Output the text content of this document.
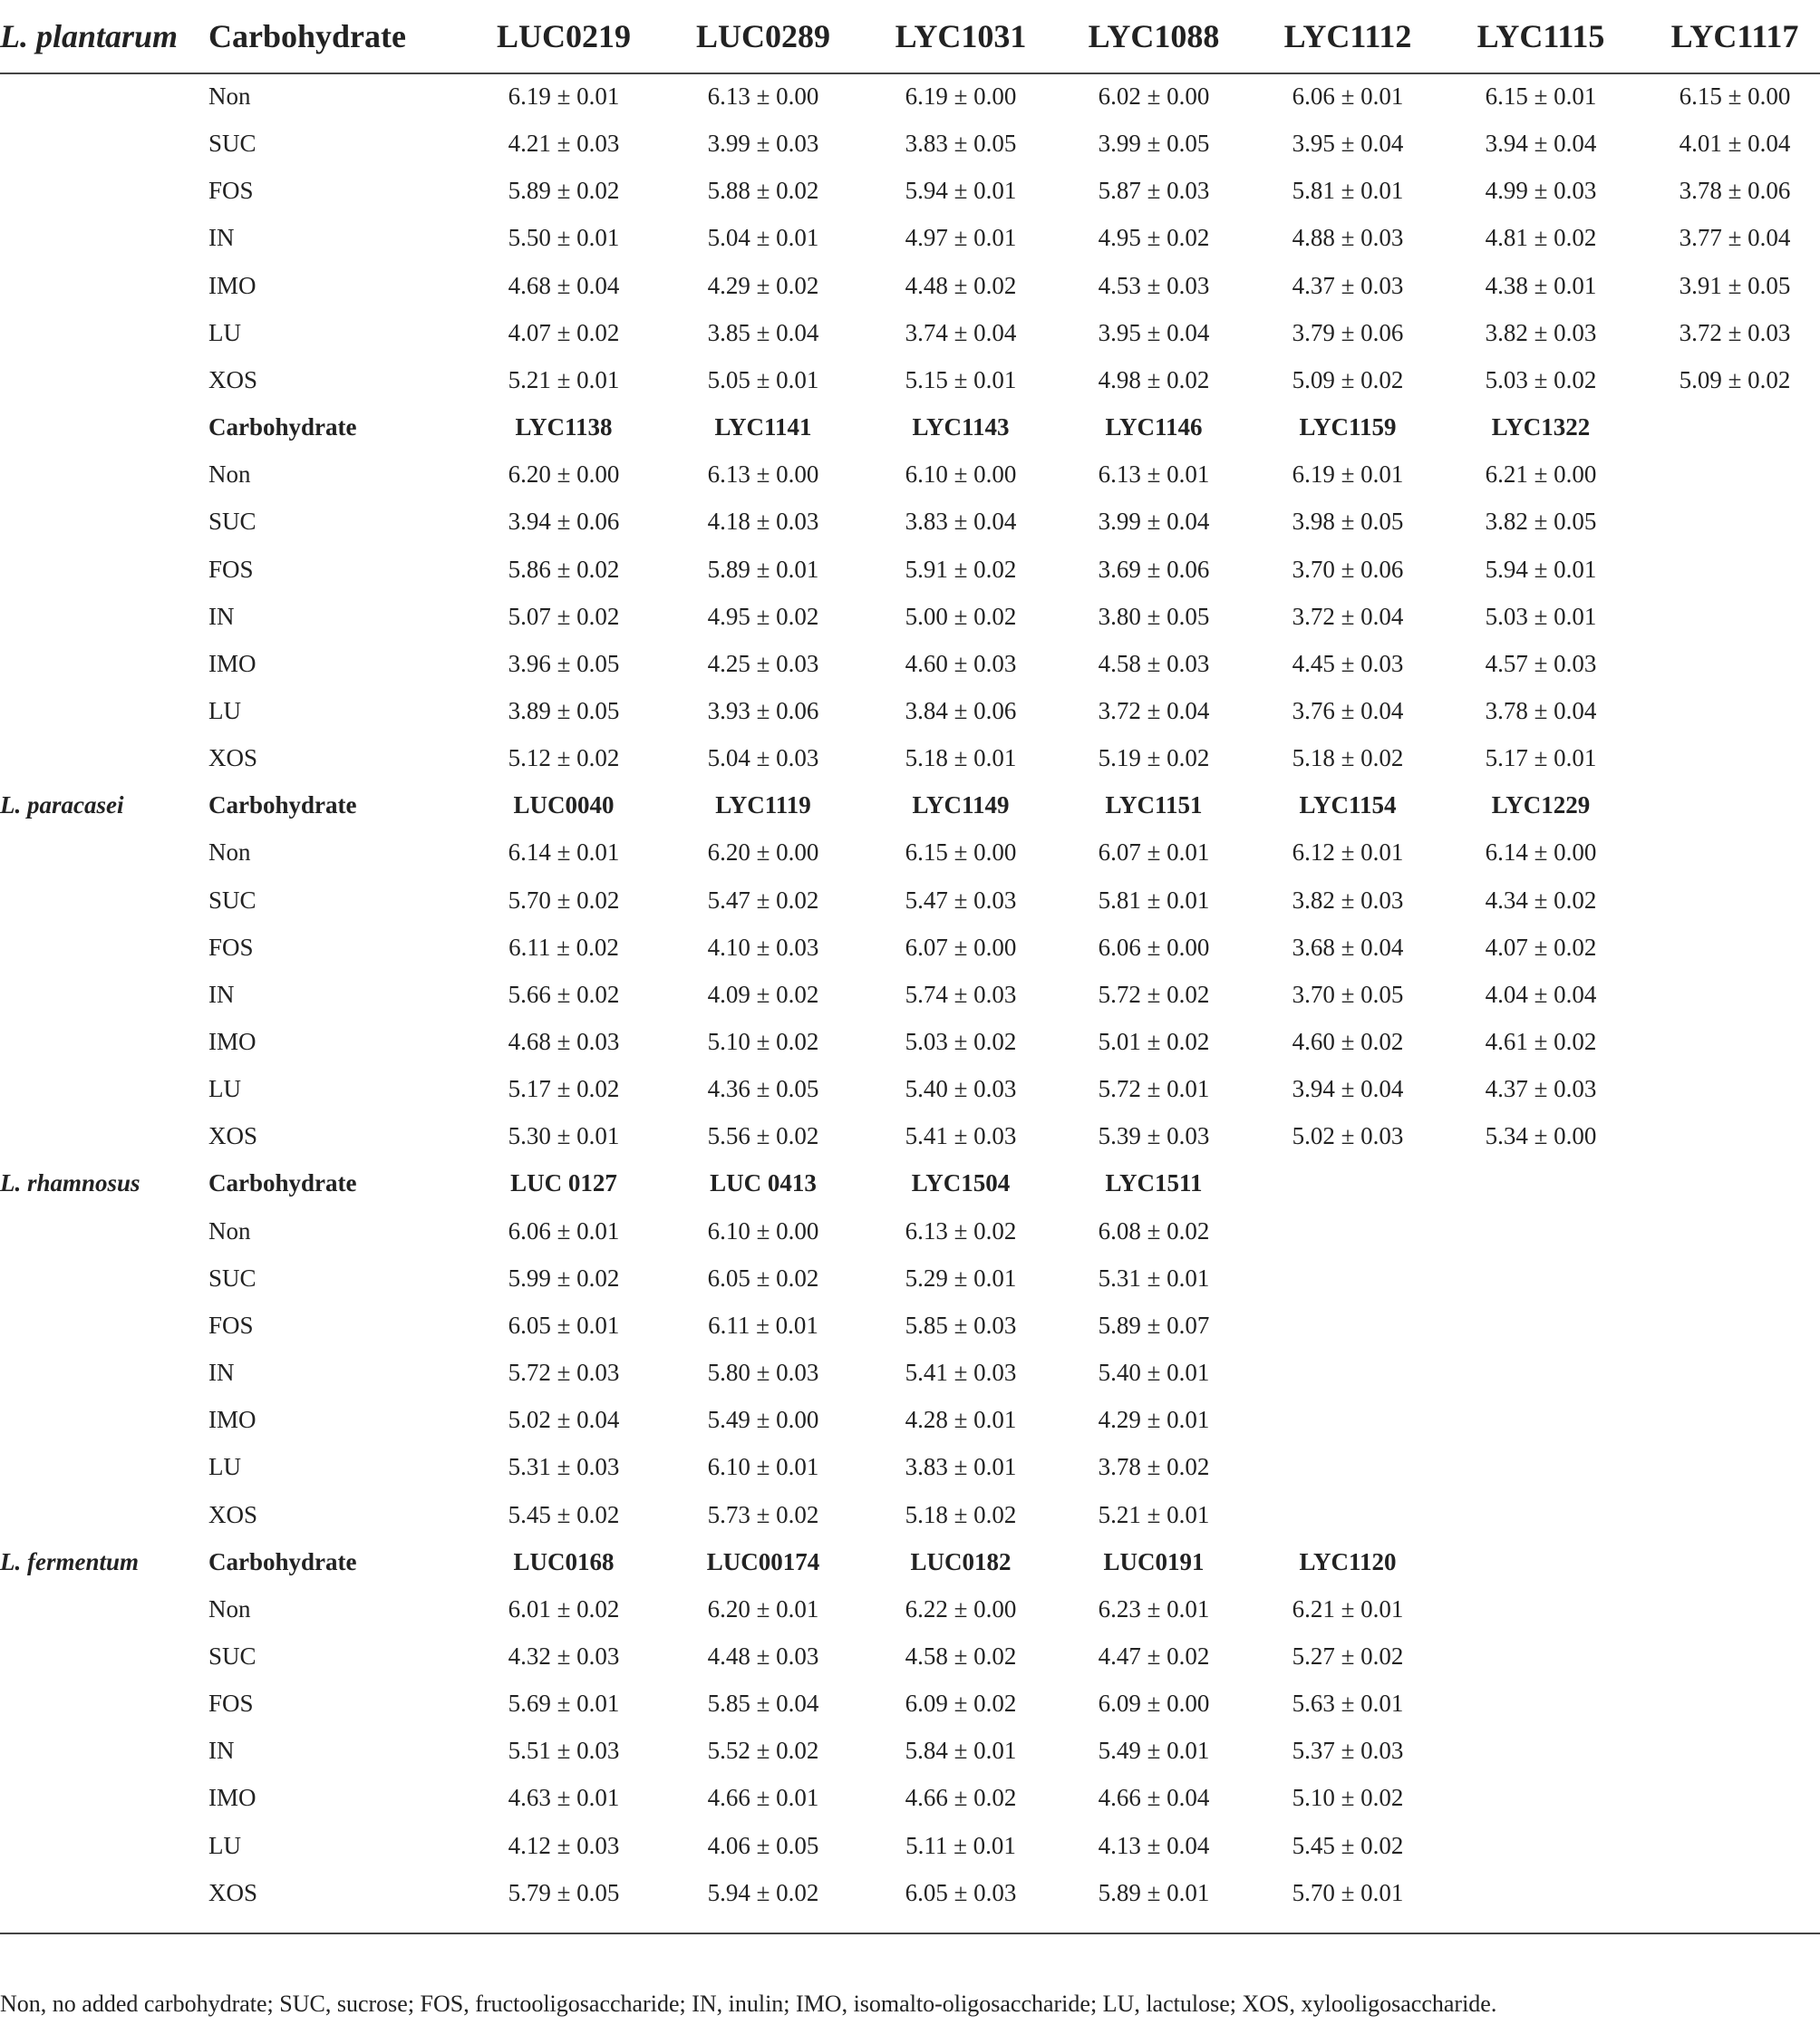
L. plantarum Carbohydrate	LUC0219	LUC0289	LYC1031	LYC1088	LYC1112	LYC1115	LYC1117
Non	6.19 ± 0.01	6.13 ± 0.00	6.19 ± 0.00	6.02 ± 0.00	6.06 ± 0.01	6.15 ± 0.01	6.15 ± 0.00
SUC	4.21 ± 0.03	3.99 ± 0.03	3.83 ± 0.05	3.99 ± 0.05	3.95 ± 0.04	3.94 ± 0.04	4.01 ± 0.04
FOS	5.89 ± 0.02	5.88 ± 0.02	5.94 ± 0.01	5.87 ± 0.03	5.81 ± 0.01	4.99 ± 0.03	3.78 ± 0.06
IN	5.50 ± 0.01	5.04 ± 0.01	4.97 ± 0.01	4.95 ± 0.02	4.88 ± 0.03	4.81 ± 0.02	3.77 ± 0.04
IMO	4.68 ± 0.04	4.29 ± 0.02	4.48 ± 0.02	4.53 ± 0.03	4.37 ± 0.03	4.38 ± 0.01	3.91 ± 0.05
LU	4.07 ± 0.02	3.85 ± 0.04	3.74 ± 0.04	3.95 ± 0.04	3.79 ± 0.06	3.82 ± 0.03	3.72 ± 0.03
XOS	5.21 ± 0.01	5.05 ± 0.01	5.15 ± 0.01	4.98 ± 0.02	5.09 ± 0.02	5.03 ± 0.02	5.09 ± 0.02
Carbohydrate	LYC1138	LYC1141	LYC1143	LYC1146	LYC1159	LYC1322
Non	6.20 ± 0.00	6.13 ± 0.00	6.10 ± 0.00	6.13 ± 0.01	6.19 ± 0.01	6.21 ± 0.00
SUC	3.94 ± 0.06	4.18 ± 0.03	3.83 ± 0.04	3.99 ± 0.04	3.98 ± 0.05	3.82 ± 0.05
FOS	5.86 ± 0.02	5.89 ± 0.01	5.91 ± 0.02	3.69 ± 0.06	3.70 ± 0.06	5.94 ± 0.01
IN	5.07 ± 0.02	4.95 ± 0.02	5.00 ± 0.02	3.80 ± 0.05	3.72 ± 0.04	5.03 ± 0.01
IMO	3.96 ± 0.05	4.25 ± 0.03	4.60 ± 0.03	4.58 ± 0.03	4.45 ± 0.03	4.57 ± 0.03
LU	3.89 ± 0.05	3.93 ± 0.06	3.84 ± 0.06	3.72 ± 0.04	3.76 ± 0.04	3.78 ± 0.04
XOS	5.12 ± 0.02	5.04 ± 0.03	5.18 ± 0.01	5.19 ± 0.02	5.18 ± 0.02	5.17 ± 0.01
L. paracasei	Carbohydrate	LUC0040	LYC1119	LYC1149	LYC1151	LYC1154	LYC1229
Non	6.14 ± 0.01	6.20 ± 0.00	6.15 ± 0.00	6.07 ± 0.01	6.12 ± 0.01	6.14 ± 0.00
SUC	5.70 ± 0.02	5.47 ± 0.02	5.47 ± 0.03	5.81 ± 0.01	3.82 ± 0.03	4.34 ± 0.02
FOS	6.11 ± 0.02	4.10 ± 0.03	6.07 ± 0.00	6.06 ± 0.00	3.68 ± 0.04	4.07 ± 0.02
IN	5.66 ± 0.02	4.09 ± 0.02	5.74 ± 0.03	5.72 ± 0.02	3.70 ± 0.05	4.04 ± 0.04
IMO	4.68 ± 0.03	5.10 ± 0.02	5.03 ± 0.02	5.01 ± 0.02	4.60 ± 0.02	4.61 ± 0.02
LU	5.17 ± 0.02	4.36 ± 0.05	5.40 ± 0.03	5.72 ± 0.01	3.94 ± 0.04	4.37 ± 0.03
XOS	5.30 ± 0.01	5.56 ± 0.02	5.41 ± 0.03	5.39 ± 0.03	5.02 ± 0.03	5.34 ± 0.00
L. rhamnosus	Carbohydrate	LUC 0127	LUC 0413	LYC1504	LYC1511
Non	6.06 ± 0.01	6.10 ± 0.00	6.13 ± 0.02	6.08 ± 0.02
SUC	5.99 ± 0.02	6.05 ± 0.02	5.29 ± 0.01	5.31 ± 0.01
FOS	6.05 ± 0.01	6.11 ± 0.01	5.85 ± 0.03	5.89 ± 0.07
IN	5.72 ± 0.03	5.80 ± 0.03	5.41 ± 0.03	5.40 ± 0.01
IMO	5.02 ± 0.04	5.49 ± 0.00	4.28 ± 0.01	4.29 ± 0.01
LU	5.31 ± 0.03	6.10 ± 0.01	3.83 ± 0.01	3.78 ± 0.02
XOS	5.45 ± 0.02	5.73 ± 0.02	5.18 ± 0.02	5.21 ± 0.01
L. fermentum	Carbohydrate	LUC0168	LUC00174	LUC0182	LUC0191	LYC1120
Non	6.01 ± 0.02	6.20 ± 0.01	6.22 ± 0.00	6.23 ± 0.01	6.21 ± 0.01
SUC	4.32 ± 0.03	4.48 ± 0.03	4.58 ± 0.02	4.47 ± 0.02	5.27 ± 0.02
FOS	5.69 ± 0.01	5.85 ± 0.04	6.09 ± 0.02	6.09 ± 0.00	5.63 ± 0.01
IN	5.51 ± 0.03	5.52 ± 0.02	5.84 ± 0.01	5.49 ± 0.01	5.37 ± 0.03
IMO	4.63 ± 0.01	4.66 ± 0.01	4.66 ± 0.02	4.66 ± 0.04	5.10 ± 0.02
LU	4.12 ± 0.03	4.06 ± 0.05	5.11 ± 0.01	4.13 ± 0.04	5.45 ± 0.02
XOS	5.79 ± 0.05	5.94 ± 0.02	6.05 ± 0.03	5.89 ± 0.01	5.70 ± 0.01
Non, no added carbohydrate; SUC, sucrose; FOS, fructooligosaccharide; IN, inulin; IMO, isomalto-oligosaccharide; LU, lactulose; XOS, xylooligosaccharide.
